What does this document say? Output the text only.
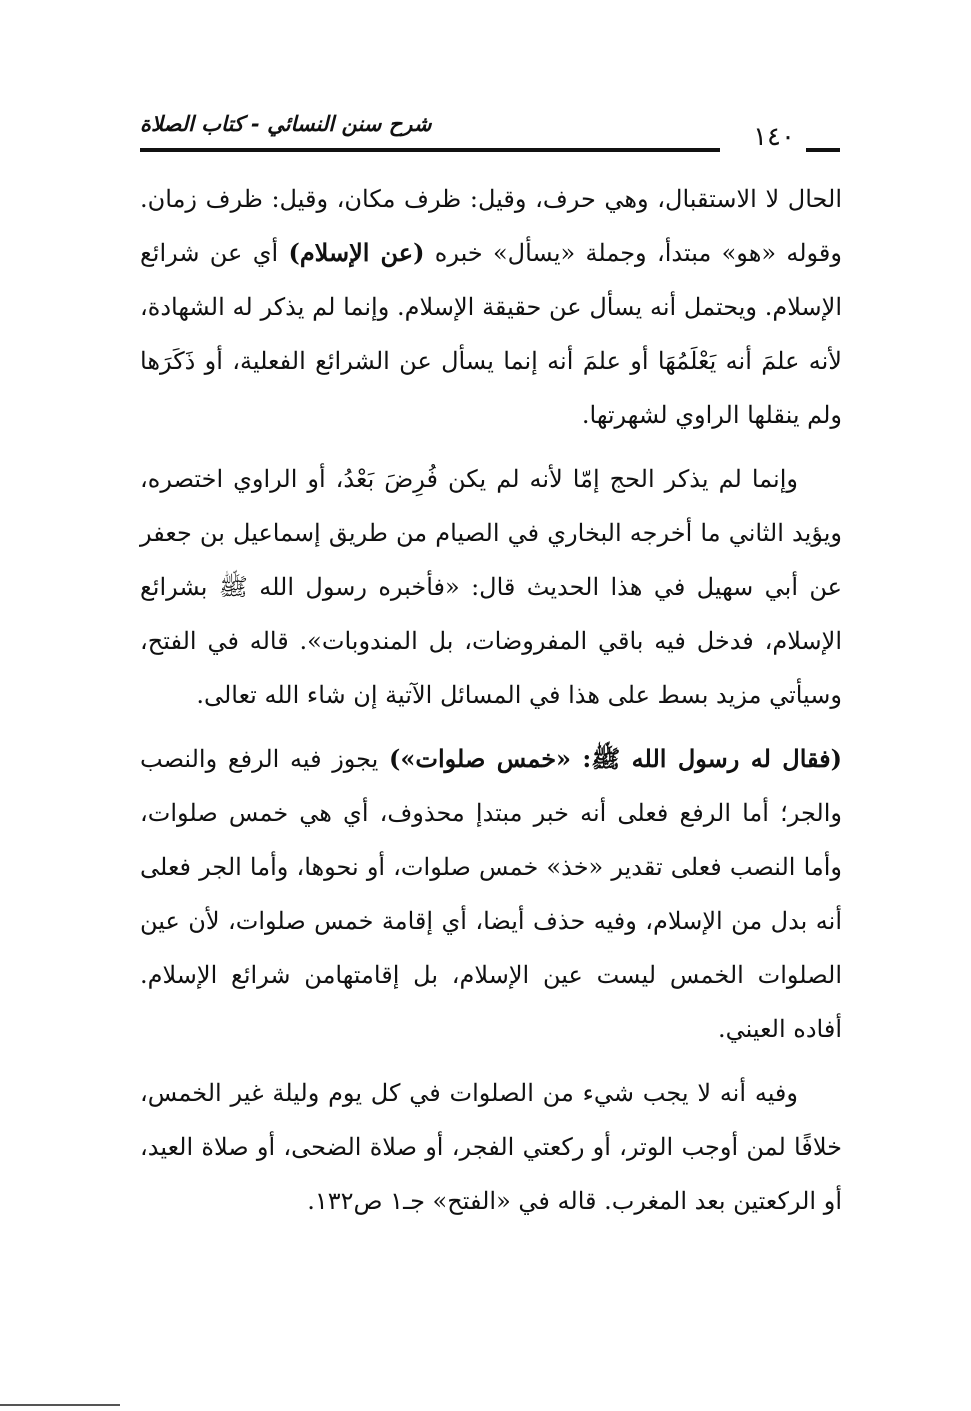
شرح سنن النسائي - كتاب الصلاة	١٤٠

الحال لا الاستقبال، وهي حرف، وقيل: ظرف مكان، وقيل: ظرف زمان. وقوله «هو» مبتدأ، وجملة «يسأل» خبره (عن الإسلام) أي عن شرائع الإسلام. ويحتمل أنه يسأل عن حقيقة الإسلام. وإنما لم يذكر له الشهادة، لأنه علمَ أنه يَعْلَمُهَا أو علمَ أنه إنما يسأل عن الشرائع الفعلية، أو ذَكَرَها ولم ينقلها الراوي لشهرتها.

وإنما لم يذكر الحج إمّا لأنه لم يكن فُرِضَ بَعْدُ، أو الراوي اختصره، ويؤيد الثاني ما أخرجه البخاري في الصيام من طريق إسماعيل بن جعفر عن أبي سهيل في هذا الحديث قال: «فأخبره رسول الله ﷺ بشرائع الإسلام، فدخل فيه باقي المفروضات، بل المندوبات». قاله في الفتح، وسيأتي مزيد بسط على هذا في المسائل الآتية إن شاء الله تعالى.

(فقال له رسول الله ﷺ: «خمس صلوات») يجوز فيه الرفع والنصب والجر؛ أما الرفع فعلى أنه خبر مبتدإ محذوف، أي هي خمس صلوات، وأما النصب فعلى تقدير «خذ» خمس صلوات، أو نحوها، وأما الجر فعلى أنه بدل من الإسلام، وفيه حذف أيضا، أي إقامة خمس صلوات، لأن عين الصلوات الخمس ليست عين الإسلام، بل إقامتهامن شرائع الإسلام. أفاده العيني.

وفيه أنه لا يجب شيء من الصلوات في كل يوم وليلة غير الخمس، خلافًا لمن أوجب الوتر، أو ركعتي الفجر، أو صلاة الضحى، أو صلاة العيد، أو الركعتين بعد المغرب. قاله في «الفتح» جـ١ ص١٣٢.
